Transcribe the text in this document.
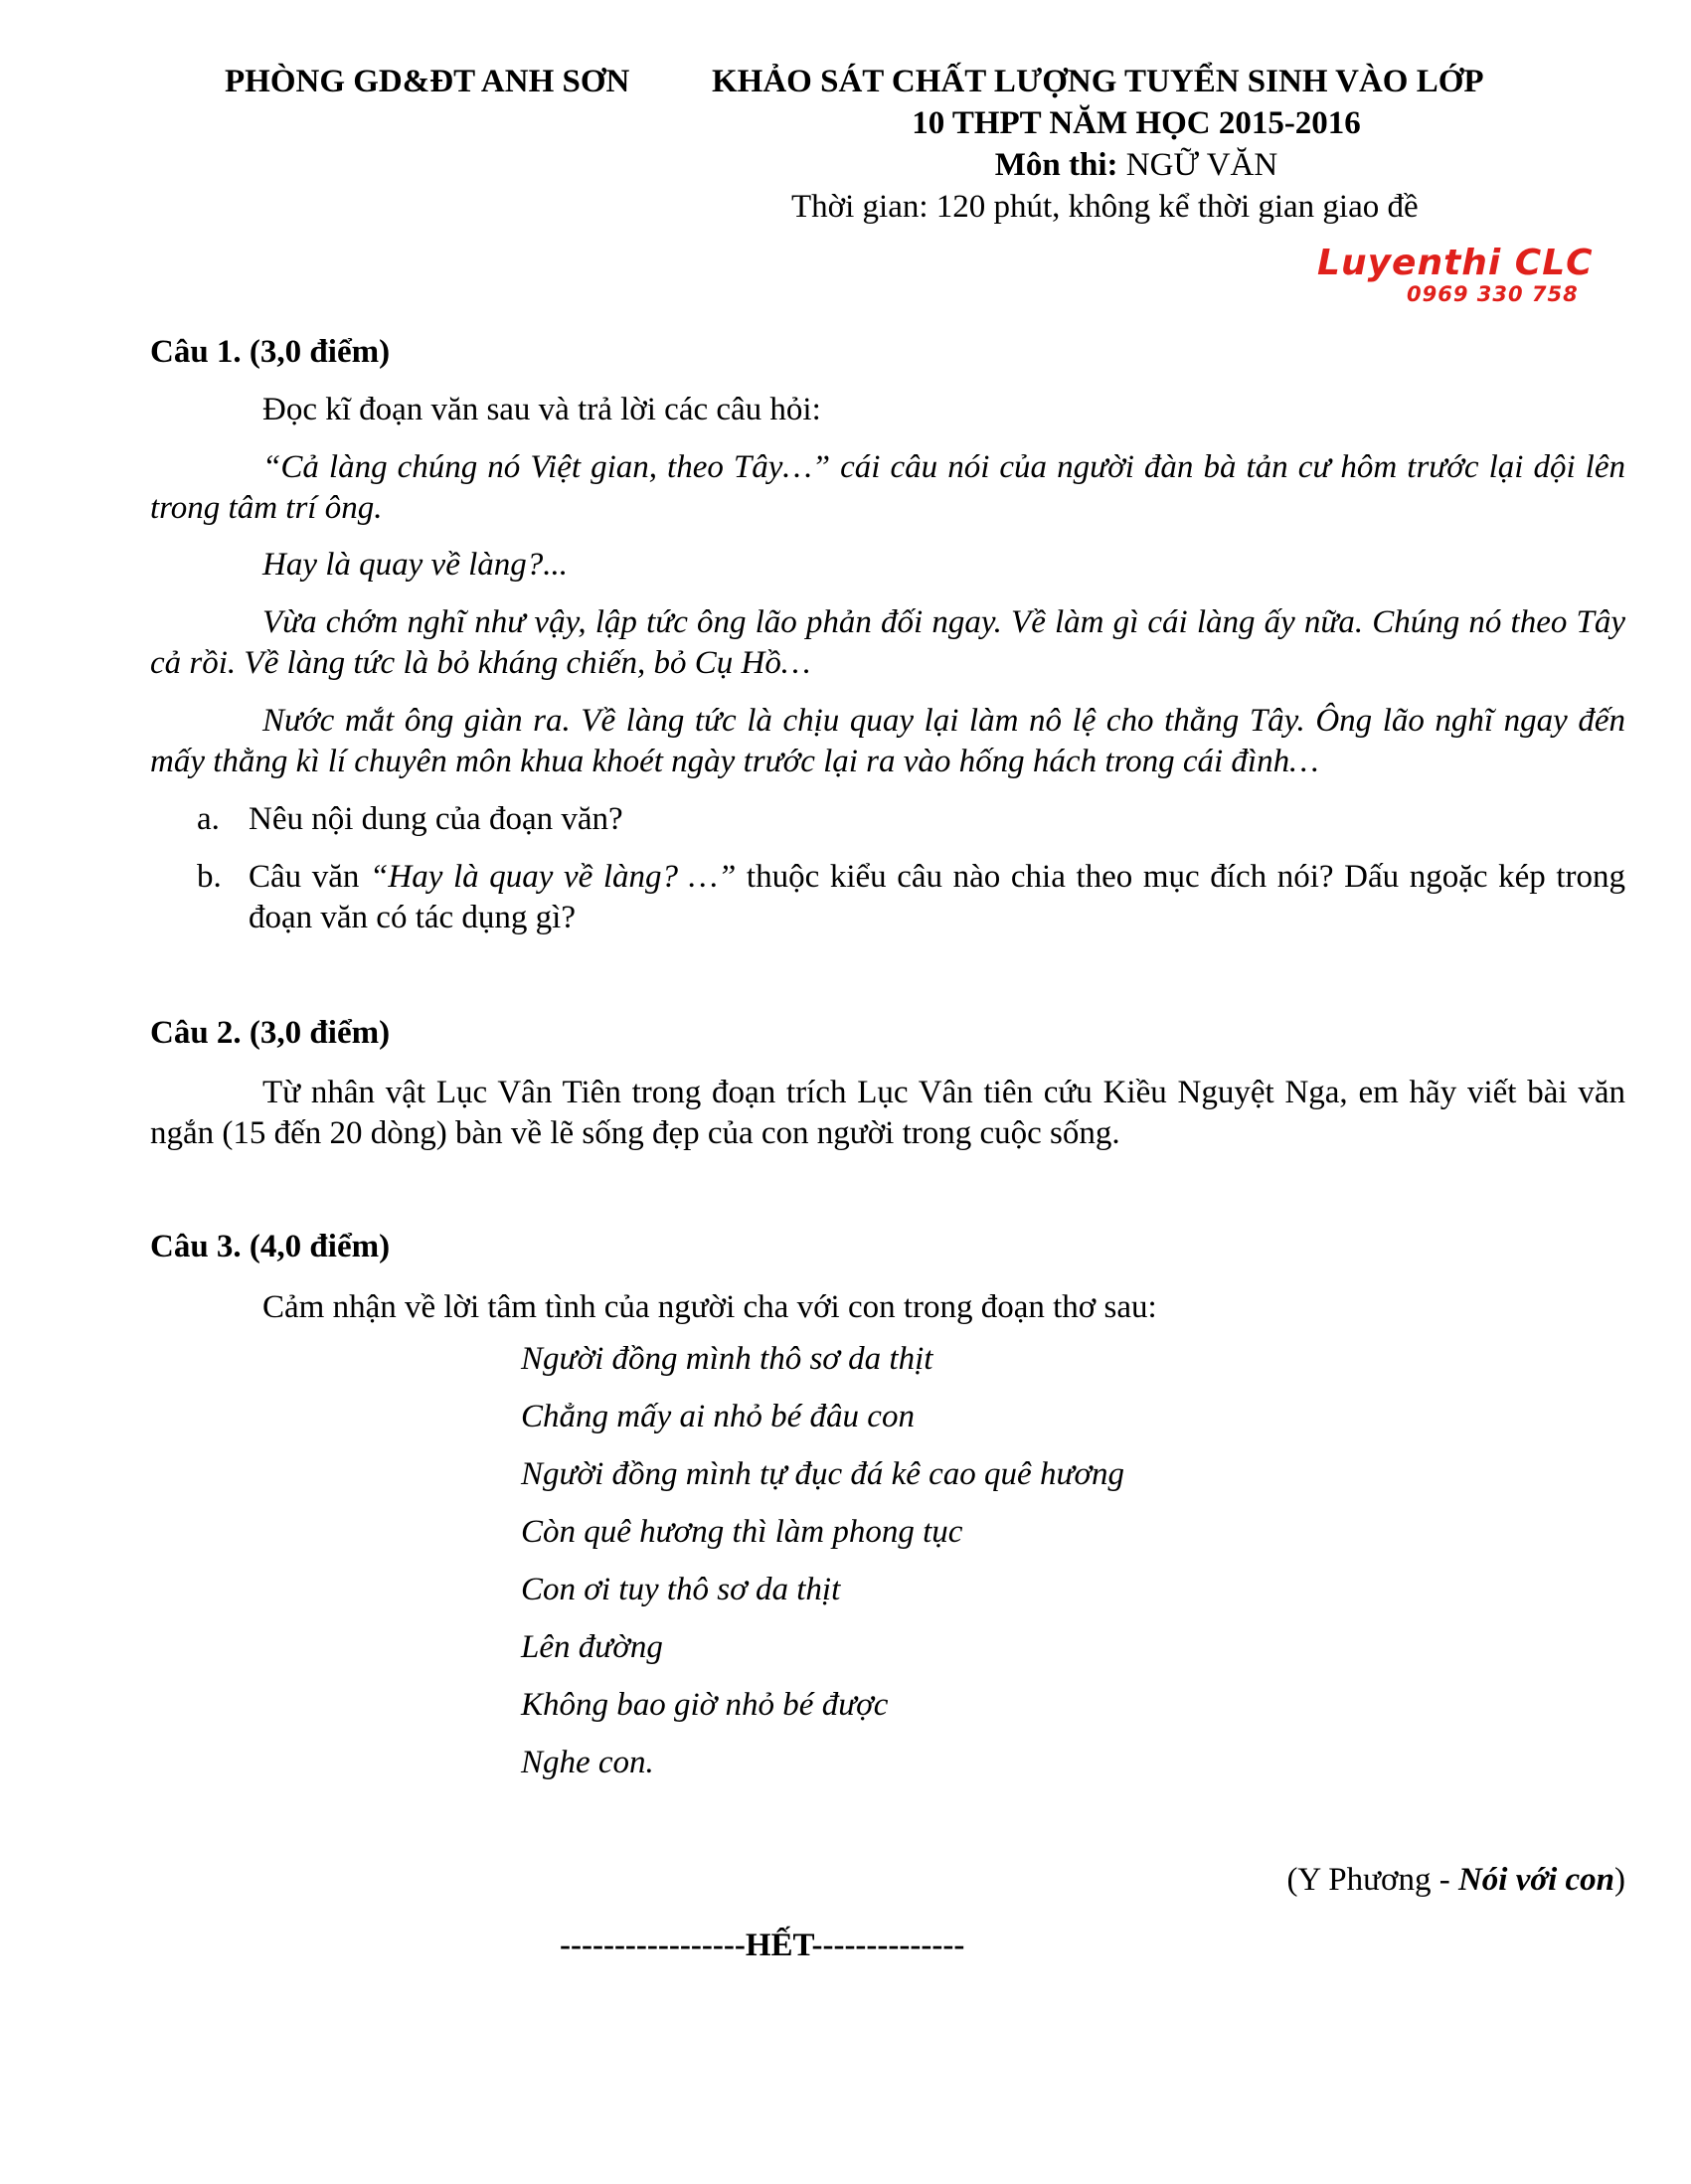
PHÒNG GD&ĐT ANH SƠN	KHẢO SÁT CHẤT LƯỢNG TUYỂN SINH VÀO LỚP
10 THPT NĂM HỌC 2015-2016
Môn thi: NGỮ VĂN
Thời gian: 120 phút, không kể thời gian giao đề
Luyenthi CLC
0969 330 758
Câu 1. (3,0 điểm)

Đọc kĩ đoạn văn sau và trả lời các câu hỏi:

“Cả làng chúng nó Việt gian, theo Tây…” cái câu nói của người đàn bà tản cư hôm trước lại dội lên trong tâm trí ông.

Hay là quay về làng?...

Vừa chớm nghĩ như vậy, lập tức ông lão phản đối ngay. Về làm gì cái làng ấy nữa. Chúng nó theo Tây cả rồi. Về làng tức là bỏ kháng chiến, bỏ Cụ Hồ…

Nước mắt ông giàn ra. Về làng tức là chịu quay lại làm nô lệ cho thằng Tây. Ông lão nghĩ ngay đến mấy thằng kì lí chuyên môn khua khoét ngày trước lại ra vào hống hách trong cái đình…

a. Nêu nội dung của đoạn văn?
b. Câu văn “Hay là quay về làng? …” thuộc kiểu câu nào chia theo mục đích nói? Dấu ngoặc kép trong đoạn văn có tác dụng gì?
Câu 2. (3,0 điểm)

Từ nhân vật Lục Vân Tiên trong đoạn trích Lục Vân tiên cứu Kiều Nguyệt Nga, em hãy viết bài văn ngắn (15 đến 20 dòng) bàn về lẽ sống đẹp của con người trong cuộc sống.

Câu 3. (4,0 điểm)

Cảm nhận về lời tâm tình của người cha với con trong đoạn thơ sau:

Người đồng mình thô sơ da thịt
Chẳng mấy ai nhỏ bé đâu con
Người đồng mình tự đục đá kê cao quê hương
Còn quê hương thì làm phong tục
Con ơi tuy thô sơ da thịt
Lên đường
Không bao giờ nhỏ bé được
Nghe con.
(Y Phương - Nói với con)
-----------------HẾT--------------
